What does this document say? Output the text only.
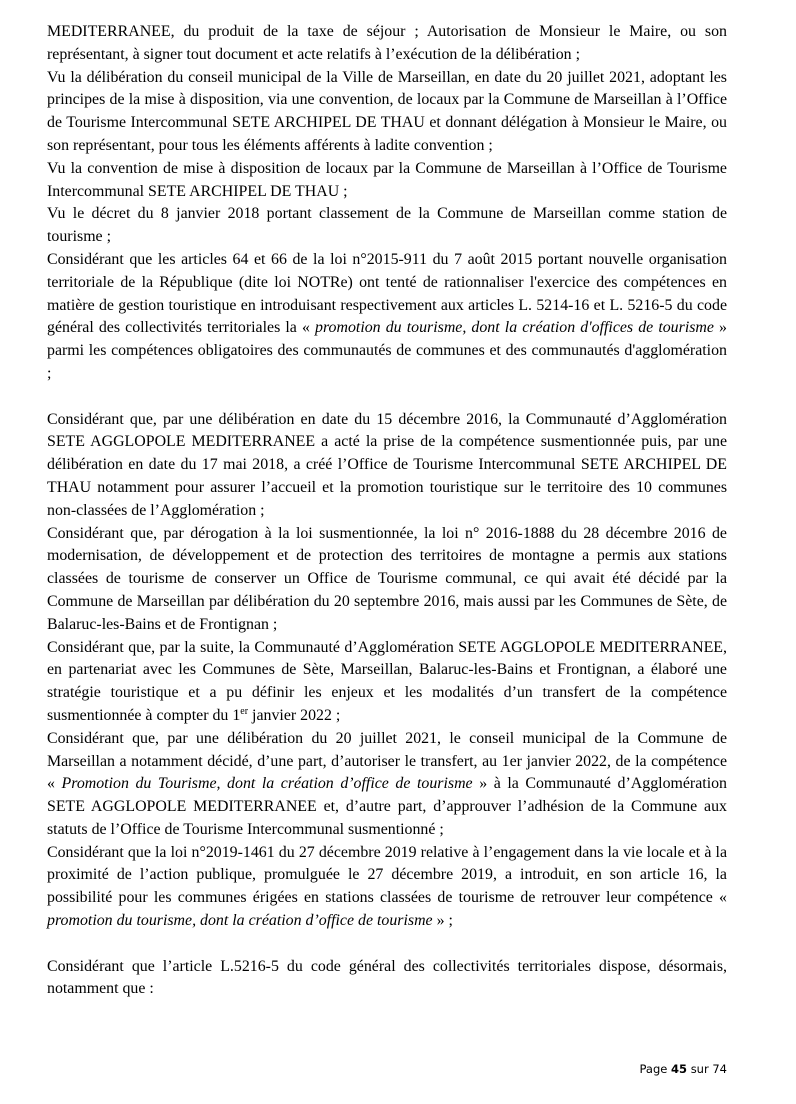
MEDITERRANEE, du produit de la taxe de séjour ; Autorisation de Monsieur le Maire, ou son représentant, à signer tout document et acte relatifs à l’exécution de la délibération ;

Vu la délibération du conseil municipal de la Ville de Marseillan, en date du 20 juillet 2021, adoptant les principes de la mise à disposition, via une convention, de locaux par la Commune de Marseillan à l’Office de Tourisme Intercommunal SETE ARCHIPEL DE THAU et donnant délégation à Monsieur le Maire, ou son représentant, pour tous les éléments afférents à ladite convention ;

Vu la convention de mise à disposition de locaux par la Commune de Marseillan à l’Office de Tourisme Intercommunal SETE ARCHIPEL DE THAU ;

Vu le décret du 8 janvier 2018 portant classement de la Commune de Marseillan comme station de tourisme ;

Considérant que les articles 64 et 66 de la loi n°2015-911 du 7 août 2015 portant nouvelle organisation territoriale de la République (dite loi NOTRe) ont tenté de rationnaliser l'exercice des compétences en matière de gestion touristique en introduisant respectivement aux articles L. 5214-16 et L. 5216-5 du code général des collectivités territoriales la « promotion du tourisme, dont la création d'offices de tourisme » parmi les compétences obligatoires des communautés de communes et des communautés d'agglomération ;

Considérant que, par une délibération en date du 15 décembre 2016, la Communauté d’Agglomération SETE AGGLOPOLE MEDITERRANEE a acté la prise de la compétence susmentionnée puis, par une délibération en date du 17 mai 2018, a créé l’Office de Tourisme Intercommunal SETE ARCHIPEL DE THAU notamment pour assurer l’accueil et la promotion touristique sur le territoire des 10 communes non-classées de l’Agglomération ;

Considérant que, par dérogation à la loi susmentionnée, la loi n° 2016-1888 du 28 décembre 2016 de modernisation, de développement et de protection des territoires de montagne a permis aux stations classées de tourisme de conserver un Office de Tourisme communal, ce qui avait été décidé par la Commune de Marseillan par délibération du 20 septembre 2016, mais aussi par les Communes de Sète, de Balaruc-les-Bains et de Frontignan ;

Considérant que, par la suite, la Communauté d’Agglomération SETE AGGLOPOLE MEDITERRANEE, en partenariat avec les Communes de Sète, Marseillan, Balaruc-les-Bains et Frontignan, a élaboré une stratégie touristique et a pu définir les enjeux et les modalités d’un transfert de la compétence susmentionnée à compter du 1er janvier 2022 ;

Considérant que, par une délibération du 20 juillet 2021, le conseil municipal de la Commune de Marseillan a notamment décidé, d’une part, d’autoriser le transfert, au 1er janvier 2022, de la compétence « Promotion du Tourisme, dont la création d’office de tourisme » à la Communauté d’Agglomération SETE AGGLOPOLE MEDITERRANEE et, d’autre part, d’approuver l’adhésion de la Commune aux statuts de l’Office de Tourisme Intercommunal susmentionné ;

Considérant que la loi n°2019-1461 du 27 décembre 2019 relative à l’engagement dans la vie locale et à la proximité de l’action publique, promulguée le 27 décembre 2019, a introduit, en son article 16, la possibilité pour les communes érigées en stations classées de tourisme de retrouver leur compétence « promotion du tourisme, dont la création d’office de tourisme » ;

Considérant que l’article L.5216-5 du code général des collectivités territoriales dispose, désormais, notamment que :

Page 45 sur 74
